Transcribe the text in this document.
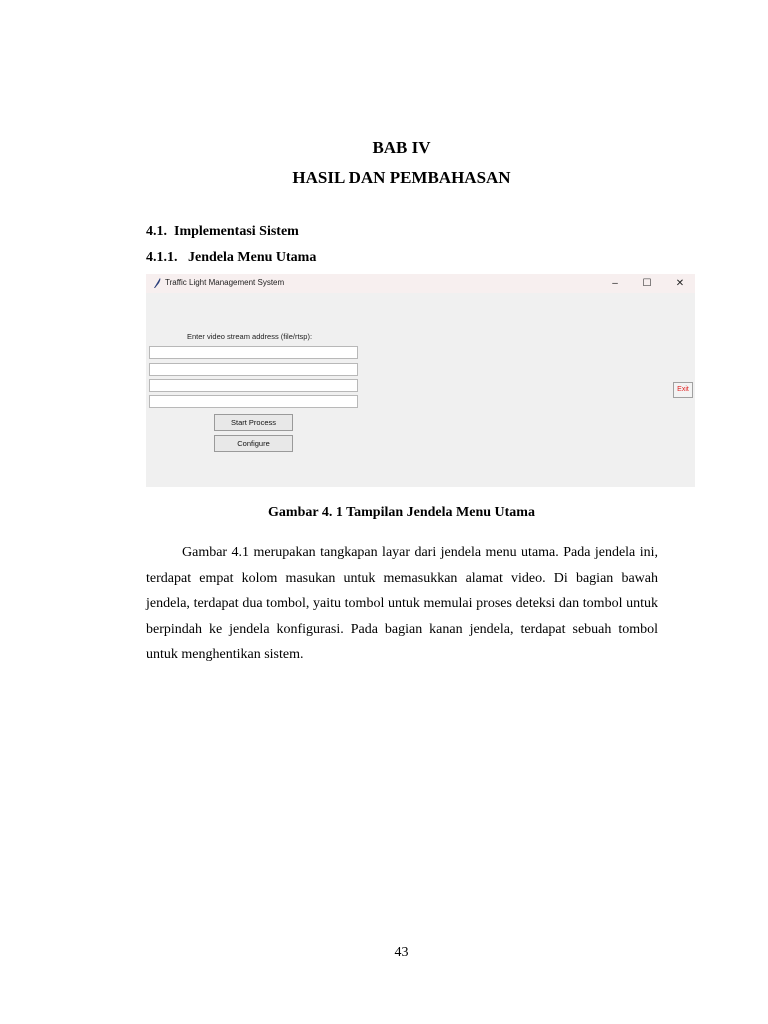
BAB IV
HASIL DAN PEMBAHASAN
4.1.  Implementasi Sistem
4.1.1.   Jendela Menu Utama
Traffic Light Management System	–	☐	✕
Enter video stream address (file/rtsp):
Start Process
Configure
Exit

Gambar 4. 1 Tampilan Jendela Menu Utama

Gambar 4.1 merupakan tangkapan layar dari jendela menu utama. Pada jendela ini, terdapat empat kolom masukan untuk memasukkan alamat video. Di bagian bawah jendela, terdapat dua tombol, yaitu tombol untuk memulai proses deteksi dan tombol untuk berpindah ke jendela konfigurasi. Pada bagian kanan jendela, terdapat sebuah tombol untuk menghentikan sistem.

43
